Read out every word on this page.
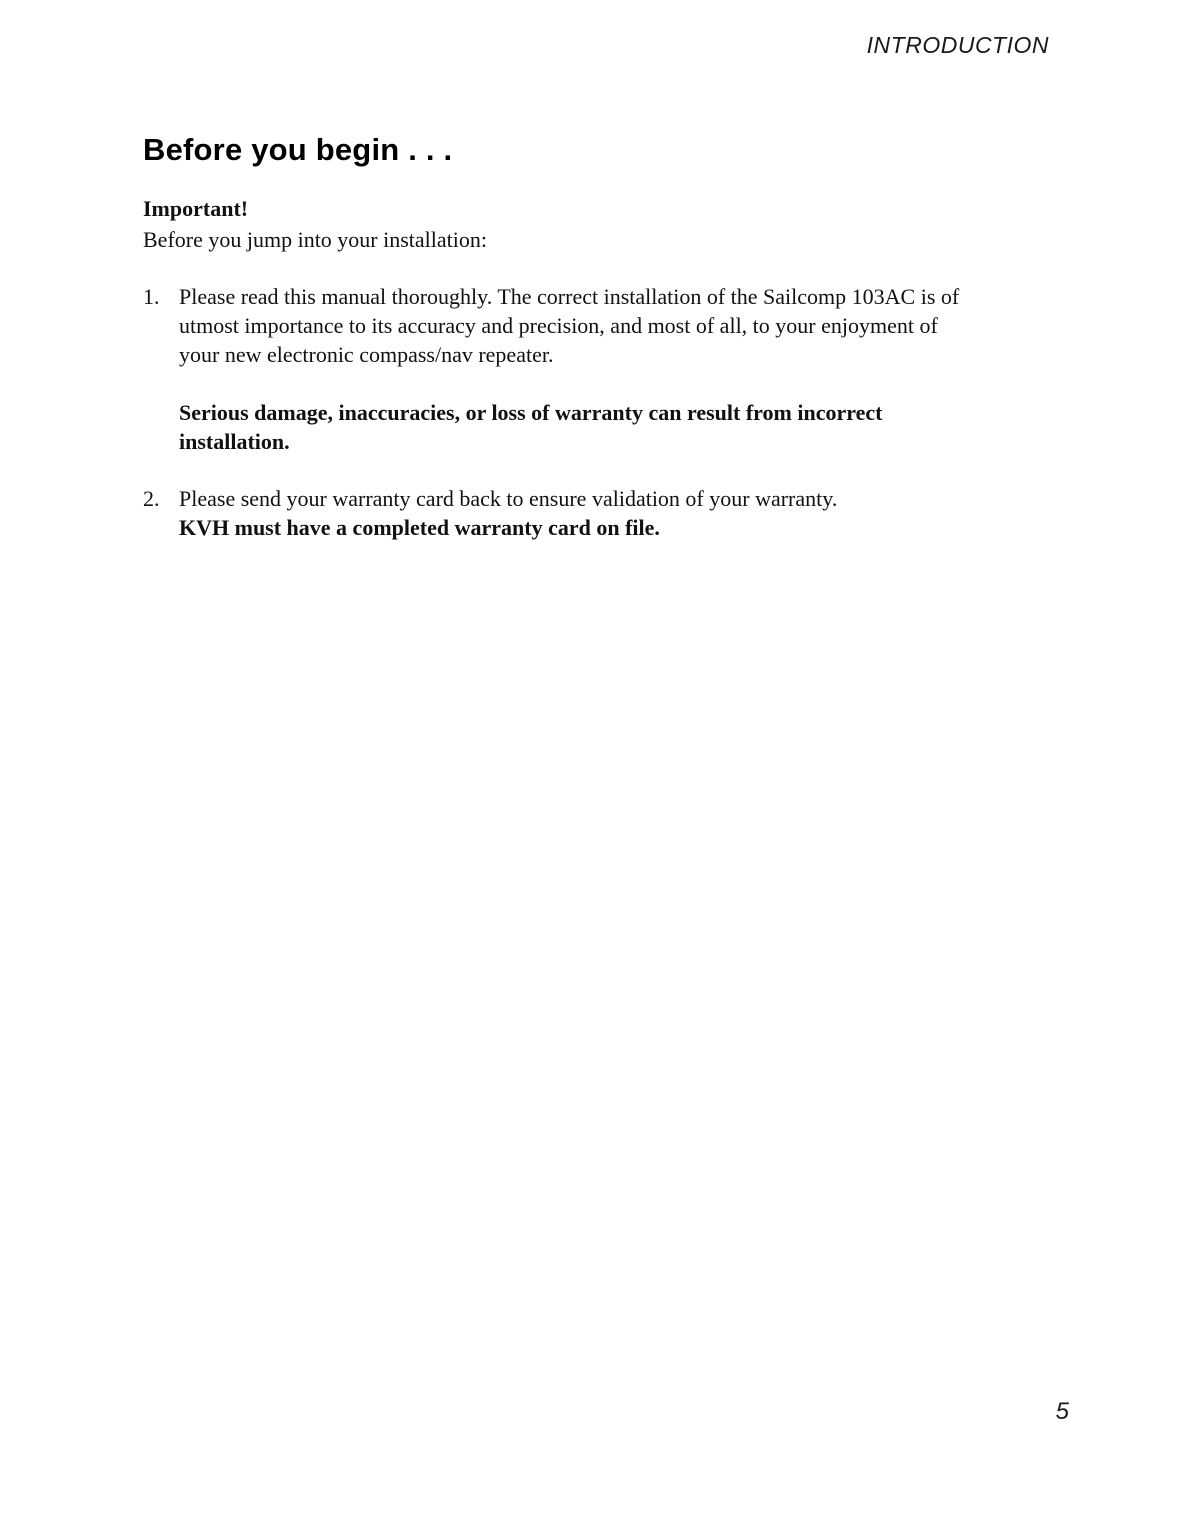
INTRODUCTION
Before you begin . . .

Important!

Before you jump into your installation:

1. Please read this manual thoroughly. The correct installation of the Sailcomp 103AC is of utmost importance to its accuracy and precision, and most of all, to your enjoyment of your new electronic compass/nav repeater.

Serious damage, inaccuracies, or loss of warranty can result from incorrect installation.

2. Please send your warranty card back to ensure validation of your warranty.

KVH must have a completed warranty card on file.

5
